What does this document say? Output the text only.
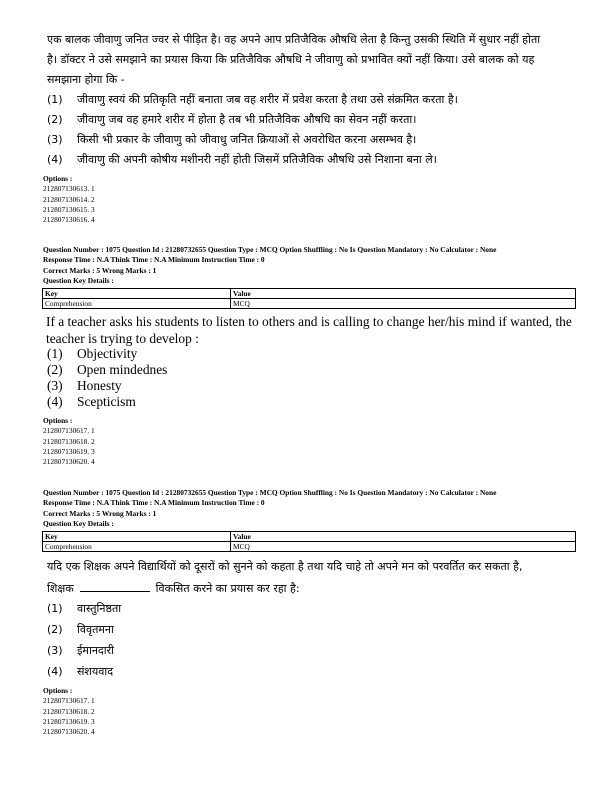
एक बालक जीवाणु जनित ज्वर से पीड़ित है। वह अपने आप प्रतिजैविक औषधि लेता है किन्तु उसकी स्थिति में सुधार नहीं होता
है। डॉक्टर ने उसे समझाने का प्रयास किया कि प्रतिजैविक औषधि ने जीवाणु को प्रभावित क्यों नहीं किया। उसे बालक को यह
समझाना होगा कि -
(1)	जीवाणु स्वयं की प्रतिकृति नहीं बनाता जब वह शरीर में प्रवेश करता है तथा उसे संक्रमित करता है।
(2)	जीवाणु जब वह हमारे शरीर में होता है तब भी प्रतिजैविक औषधि का सेवन नहीं करता।
(3)	किसी भी प्रकार के जीवाणु को जीवाधु जनित क्रियाओं से अवरोधित करना असम्भव है।
(4)	जीवाणु की अपनी कोषीय मशीनरी नहीं होती जिसमें प्रतिजैविक औषधि उसे निशाना बना ले।
Options :
212807130613. 1
212807130614. 2
212807130615. 3
212807130616. 4
Question Number : 1075 Question Id : 21280732655 Question Type : MCQ Option Shuffling : No Is Question Mandatory : No Calculator : None
Response Time : N.A Think Time : N.A Minimum Instruction Time : 0
Correct Marks : 5 Wrong Marks : 1
Question Key Details :
Key	Value
Comprehension	MCQ
If a teacher asks his students to listen to others and is calling to change her/his mind if wanted, the
teacher is trying to develop :
(1)	Objectivity
(2)	Open mindednes
(3)	Honesty
(4)	Scepticism
Options :
212807130617. 1
212807130618. 2
212807130619. 3
212807130620. 4
Question Number : 1075 Question Id : 21280732655 Question Type : MCQ Option Shuffling : No Is Question Mandatory : No Calculator : None
Response Time : N.A Think Time : N.A Minimum Instruction Time : 0
Correct Marks : 5 Wrong Marks : 1
Question Key Details :
Key	Value
Comprehension	MCQ
यदि एक शिक्षक अपने विद्यार्थियों को दूसरों को सुनने को कहता है तथा यदि चाहे तो अपने मन को परवर्तित कर सकता है,
शिक्षक	विकसित करने का प्रयास कर रहा है:
(1)	वास्तुनिष्ठता
(2)	विवृतमना
(3)	ईमानदारी
(4)	संशयवाद
Options :
212807130617. 1
212807130618. 2
212807130619. 3
212807130620. 4
